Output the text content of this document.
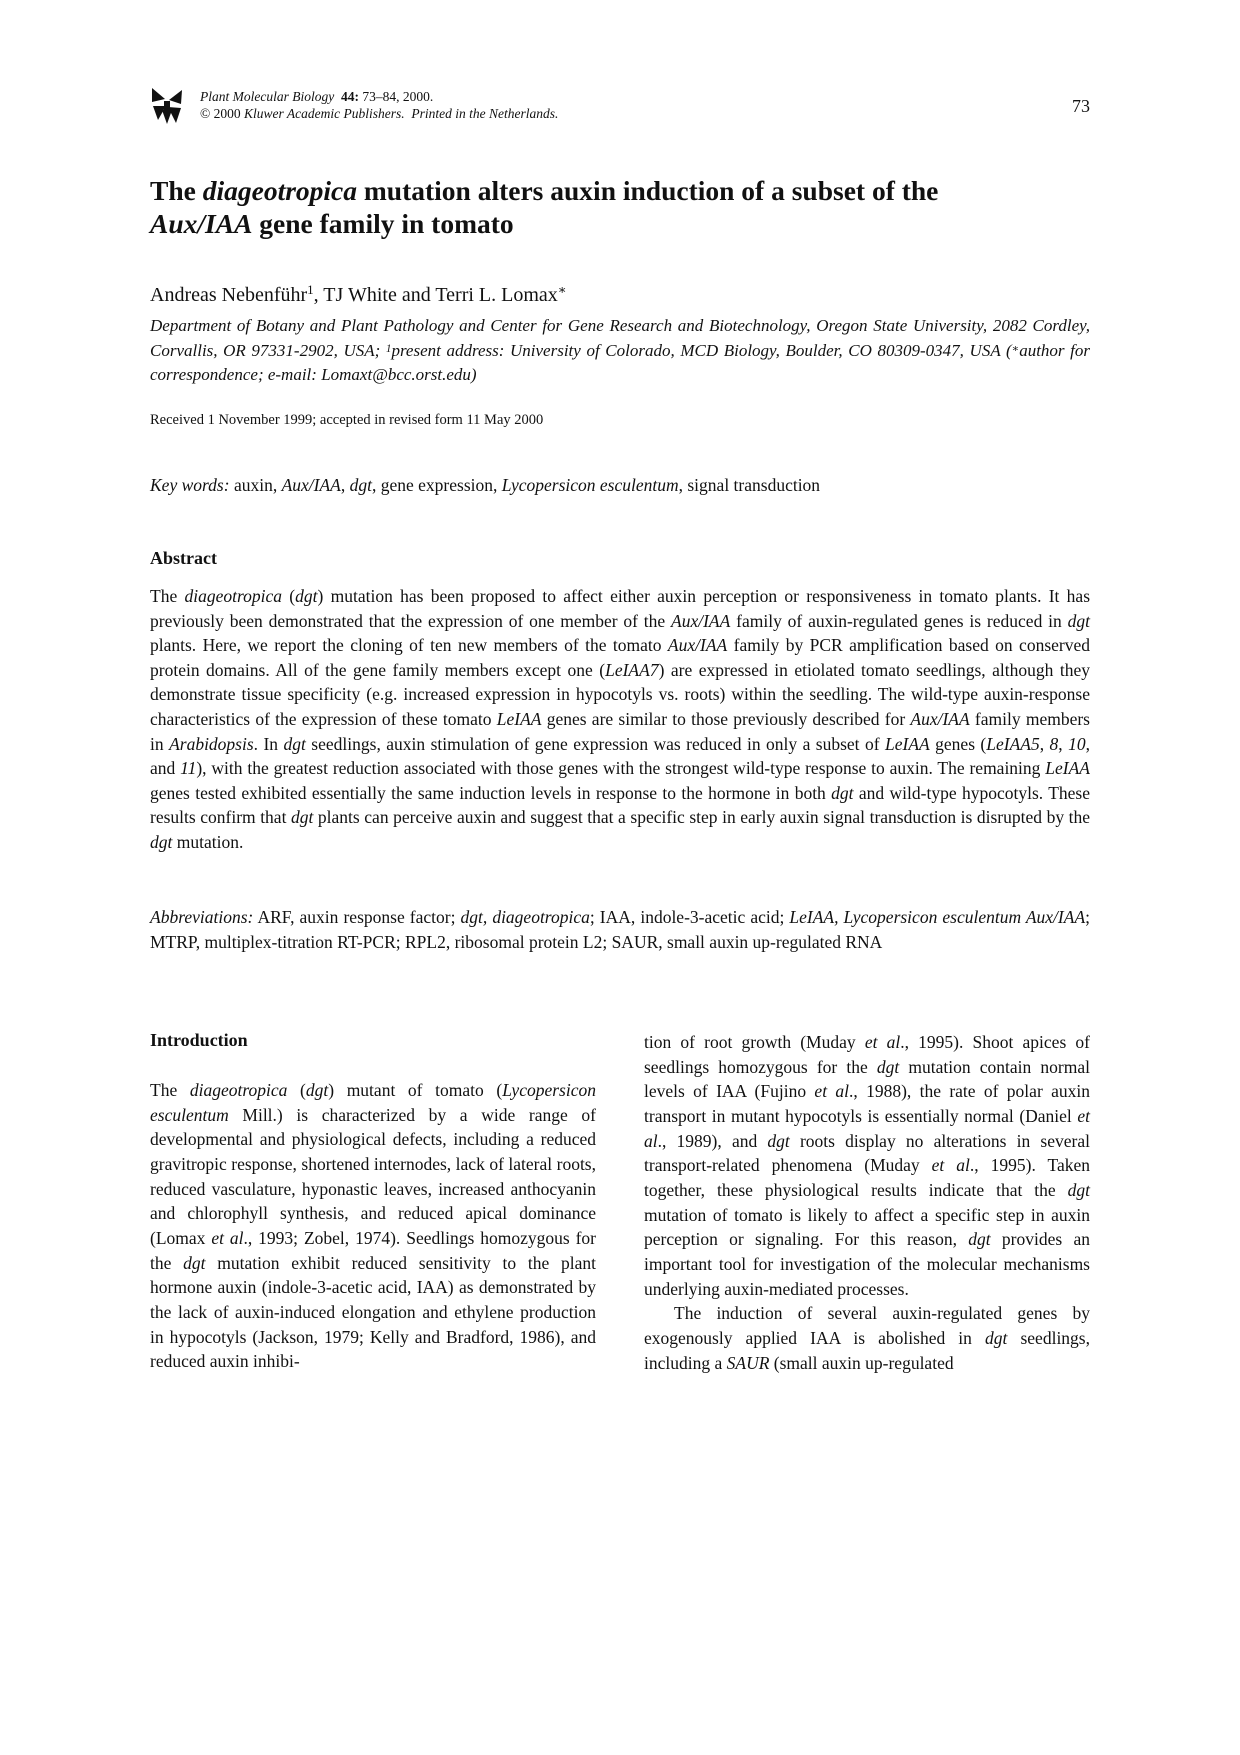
Plant Molecular Biology 44: 73–84, 2000.
© 2000 Kluwer Academic Publishers. Printed in the Netherlands.	73
The diageotropica mutation alters auxin induction of a subset of the
Aux/IAA gene family in tomato
Andreas Nebenführ$^1$, TJ White and Terri L. Lomax∗
Department of Botany and Plant Pathology and Center for Gene Research and Biotechnology, Oregon State University, 2082 Cordley, Corvallis, OR 97331-2902, USA; $^1$present address: University of Colorado, MCD Biology, Boulder, CO 80309-0347, USA (∗author for correspondence; e-mail: Lomaxt@bcc.orst.edu)
Received 1 November 1999; accepted in revised form 11 May 2000
Key words: auxin, Aux/IAA, dgt, gene expression, Lycopersicon esculentum, signal transduction
Abstract
The diageotropica (dgt) mutation has been proposed to affect either auxin perception or responsiveness in tomato plants. It has previously been demonstrated that the expression of one member of the Aux/IAA family of auxin-regulated genes is reduced in dgt plants. Here, we report the cloning of ten new members of the tomato Aux/IAA family by PCR amplification based on conserved protein domains. All of the gene family members except one (LeIAA7) are expressed in etiolated tomato seedlings, although they demonstrate tissue specificity (e.g. increased expression in hypocotyls vs. roots) within the seedling. The wild-type auxin-response characteristics of the expression of these tomato LeIAA genes are similar to those previously described for Aux/IAA family members in Arabidopsis. In dgt seedlings, auxin stimulation of gene expression was reduced in only a subset of LeIAA genes (LeIAA5, 8, 10, and 11), with the greatest reduction associated with those genes with the strongest wild-type response to auxin. The remaining LeIAA genes tested exhibited essentially the same induction levels in response to the hormone in both dgt and wild-type hypocotyls. These results confirm that dgt plants can perceive auxin and suggest that a specific step in early auxin signal transduction is disrupted by the dgt mutation.
Abbreviations: ARF, auxin response factor; dgt, diageotropica; IAA, indole-3-acetic acid; LeIAA, Lycopersicon esculentum Aux/IAA; MTRP, multiplex-titration RT-PCR; RPL2, ribosomal protein L2; SAUR, small auxin up-regulated RNA
Introduction

The diageotropica (dgt) mutant of tomato (Lycopersicon esculentum Mill.) is characterized by a wide range of developmental and physiological defects, including a reduced gravitropic response, shortened internodes, lack of lateral roots, reduced vasculature, hyponastic leaves, increased anthocyanin and chlorophyll synthesis, and reduced apical dominance (Lomax et al., 1993; Zobel, 1974). Seedlings homozygous for the dgt mutation exhibit reduced sensitivity to the plant hormone auxin (indole-3-acetic acid, IAA) as demonstrated by the lack of auxin-induced elongation and ethylene production in hypocotyls (Jackson, 1979; Kelly and Bradford, 1986), and reduced auxin inhibi-

tion of root growth (Muday et al., 1995). Shoot apices of seedlings homozygous for the dgt mutation contain normal levels of IAA (Fujino et al., 1988), the rate of polar auxin transport in mutant hypocotyls is essentially normal (Daniel et al., 1989), and dgt roots display no alterations in several transport-related phenomena (Muday et al., 1995). Taken together, these physiological results indicate that the dgt mutation of tomato is likely to affect a specific step in auxin perception or signaling. For this reason, dgt provides an important tool for investigation of the molecular mechanisms underlying auxin-mediated processes.

The induction of several auxin-regulated genes by exogenously applied IAA is abolished in dgt seedlings, including a SAUR (small auxin up-regulated
